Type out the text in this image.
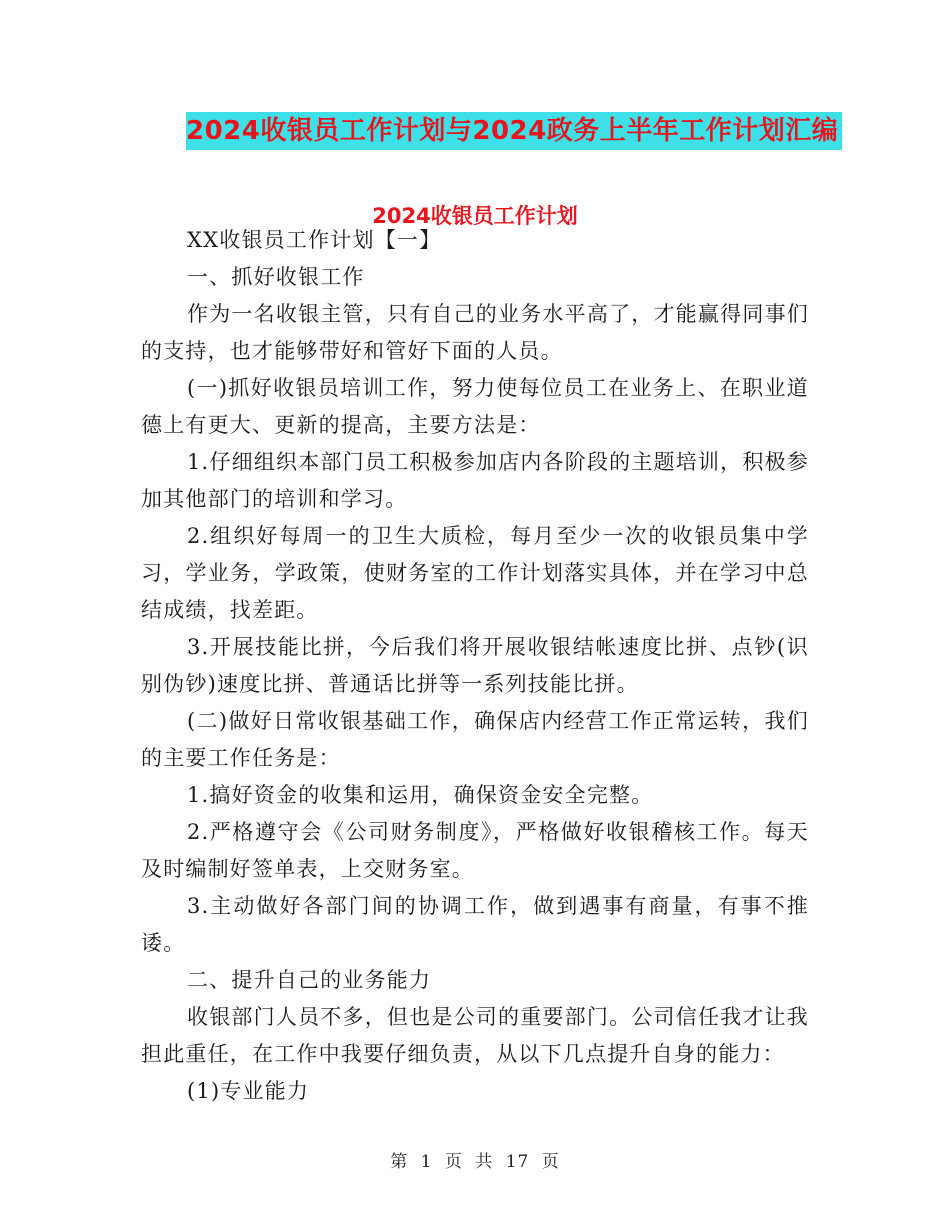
2024收银员工作计划与2024政务上半年工作计划汇编
2024收银员工作计划

XX收银员工作计划【一】

一、抓好收银工作

作为一名收银主管，只有自己的业务水平高了，才能赢得同事们的支持，也才能够带好和管好下面的人员。

(一)抓好收银员培训工作，努力使每位员工在业务上、在职业道德上有更大、更新的提高，主要方法是：

1.仔细组织本部门员工积极参加店内各阶段的主题培训，积极参加其他部门的培训和学习。

2.组织好每周一的卫生大质检，每月至少一次的收银员集中学习，学业务，学政策，使财务室的工作计划落实具体，并在学习中总结成绩，找差距。

3.开展技能比拼，今后我们将开展收银结帐速度比拼、点钞(识别伪钞)速度比拼、普通话比拼等一系列技能比拼。

(二)做好日常收银基础工作，确保店内经营工作正常运转，我们的主要工作任务是：

1.搞好资金的收集和运用，确保资金安全完整。

2.严格遵守会《公司财务制度》，严格做好收银稽核工作。每天及时编制好签单表，上交财务室。

3.主动做好各部门间的协调工作，做到遇事有商量，有事不推诿。

二、提升自己的业务能力

收银部门人员不多，但也是公司的重要部门。公司信任我才让我担此重任，在工作中我要仔细负责，从以下几点提升自身的能力：

(1)专业能力

第 1 页 共 17 页
